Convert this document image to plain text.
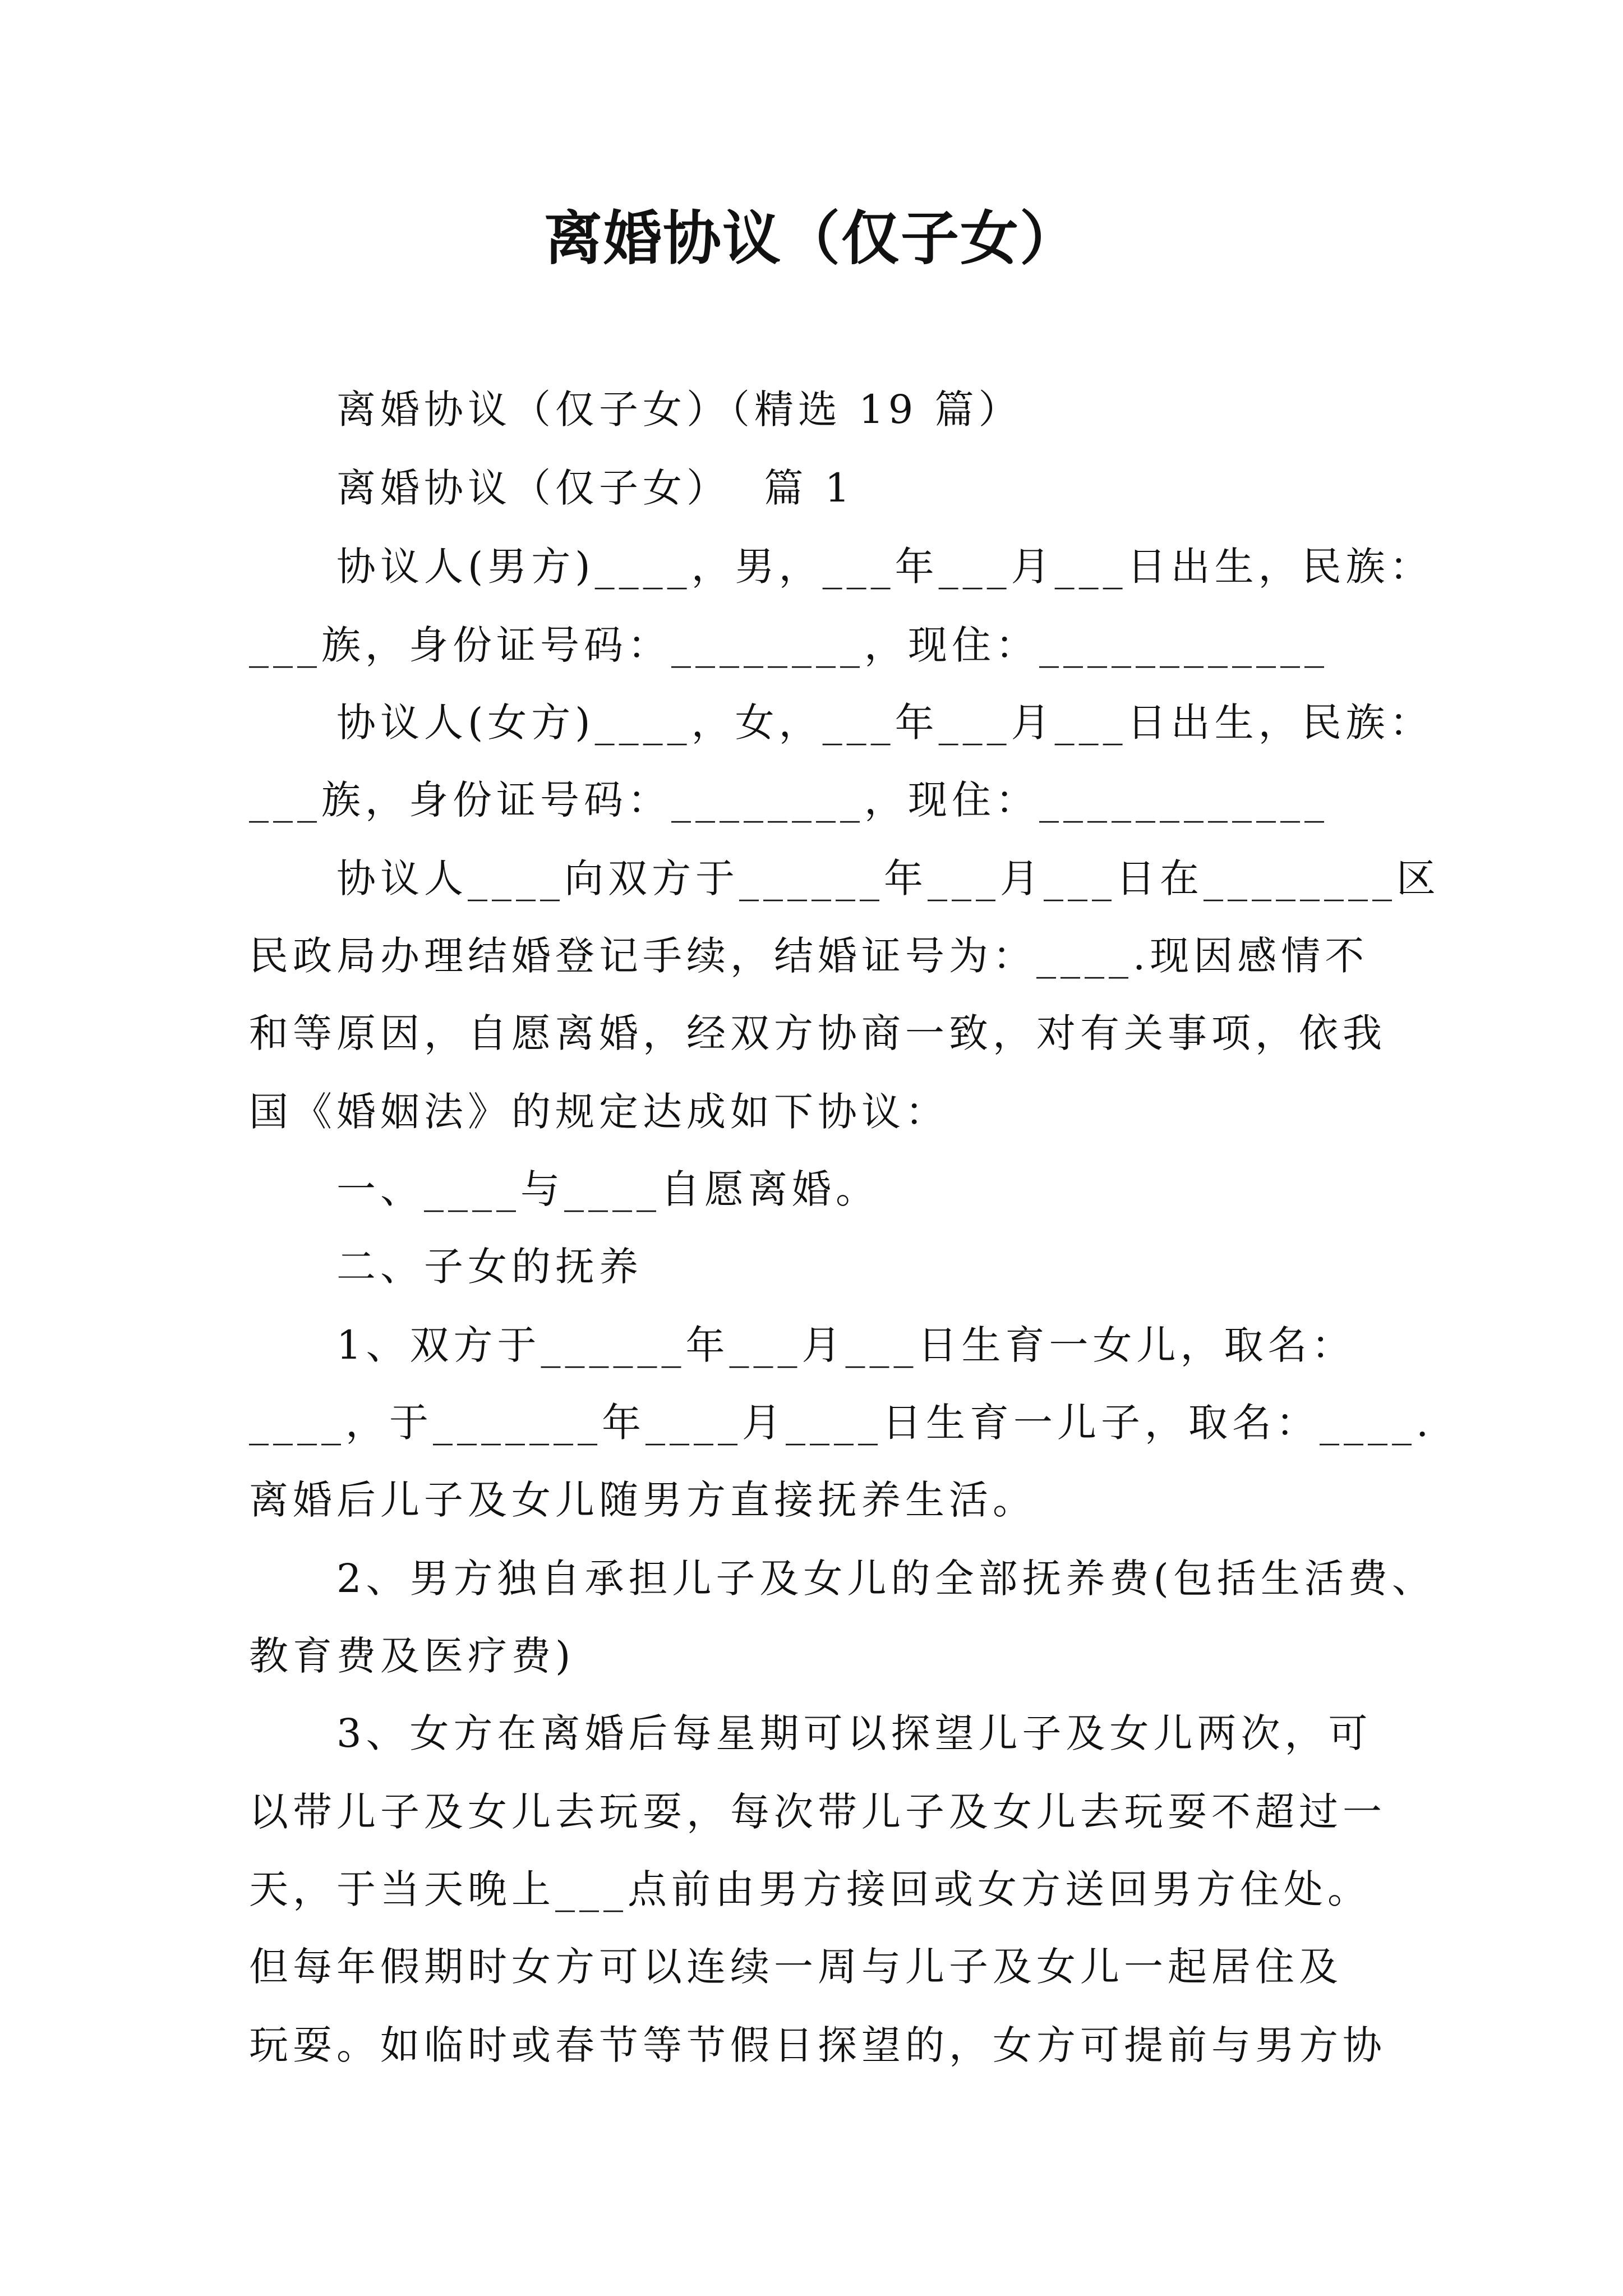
离婚协议（仅子女）
离婚协议（仅子女）（精选 19 篇）
离婚协议（仅子女）  篇 1
协议人(男方)____，男，___年___月___日出生，民族：
___族，身份证号码：________，现住：____________
协议人(女方)____，女，___年___月___日出生，民族：
___族，身份证号码：________，现住：____________
协议人____向双方于______年___月___日在________区
民政局办理结婚登记手续，结婚证号为：____.现因感情不
和等原因，自愿离婚，经双方协商一致，对有关事项，依我
国《婚姻法》的规定达成如下协议：
一、____与____自愿离婚。
二、子女的抚养
1、双方于______年___月___日生育一女儿，取名：
____，于_______年____月____日生育一儿子，取名：____.
离婚后儿子及女儿随男方直接抚养生活。
2、男方独自承担儿子及女儿的全部抚养费(包括生活费、
教育费及医疗费)
3、女方在离婚后每星期可以探望儿子及女儿两次，可
以带儿子及女儿去玩耍，每次带儿子及女儿去玩耍不超过一
天，于当天晚上___点前由男方接回或女方送回男方住处。
但每年假期时女方可以连续一周与儿子及女儿一起居住及
玩耍。如临时或春节等节假日探望的，女方可提前与男方协
